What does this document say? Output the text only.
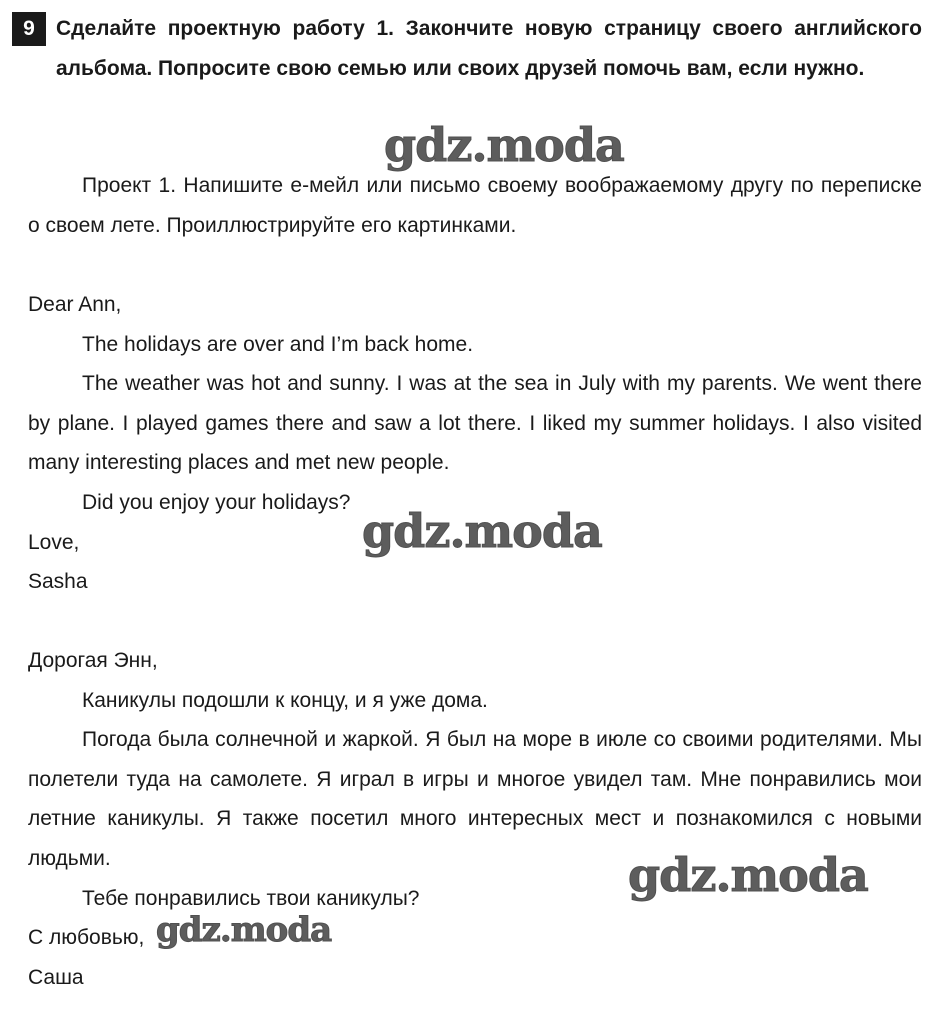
9	Сделайте проектную работу 1. Закончите новую страницу своего английского альбома. Попросите свою семью или своих друзей помочь вам, если нужно.

Проект 1. Напишите е-мейл или письмо своему воображаемому другу по переписке о своем лете. Проиллюстрируйте его картинками.

Dear Ann,

The holidays are over and I’m back home.

The weather was hot and sunny. I was at the sea in July with my parents. We went there by plane. I played games there and saw a lot there. I liked my summer holidays. I also visited many interesting places and met new people.

Did you enjoy your holidays?

Love,

Sasha

Дорогая Энн,

Каникулы подошли к концу, и я уже дома.

Погода была солнечной и жаркой. Я был на море в июле со своими родителями. Мы полетели туда на самолете. Я играл в игры и многое увидел там. Мне понравились мои летние каникулы. Я также посетил много интересных мест и познакомился с новыми людьми.

Тебе понравились твои каникулы?

С любовью,

Саша

gdz.moda
gdz.moda
gdz.moda
gdz.moda
